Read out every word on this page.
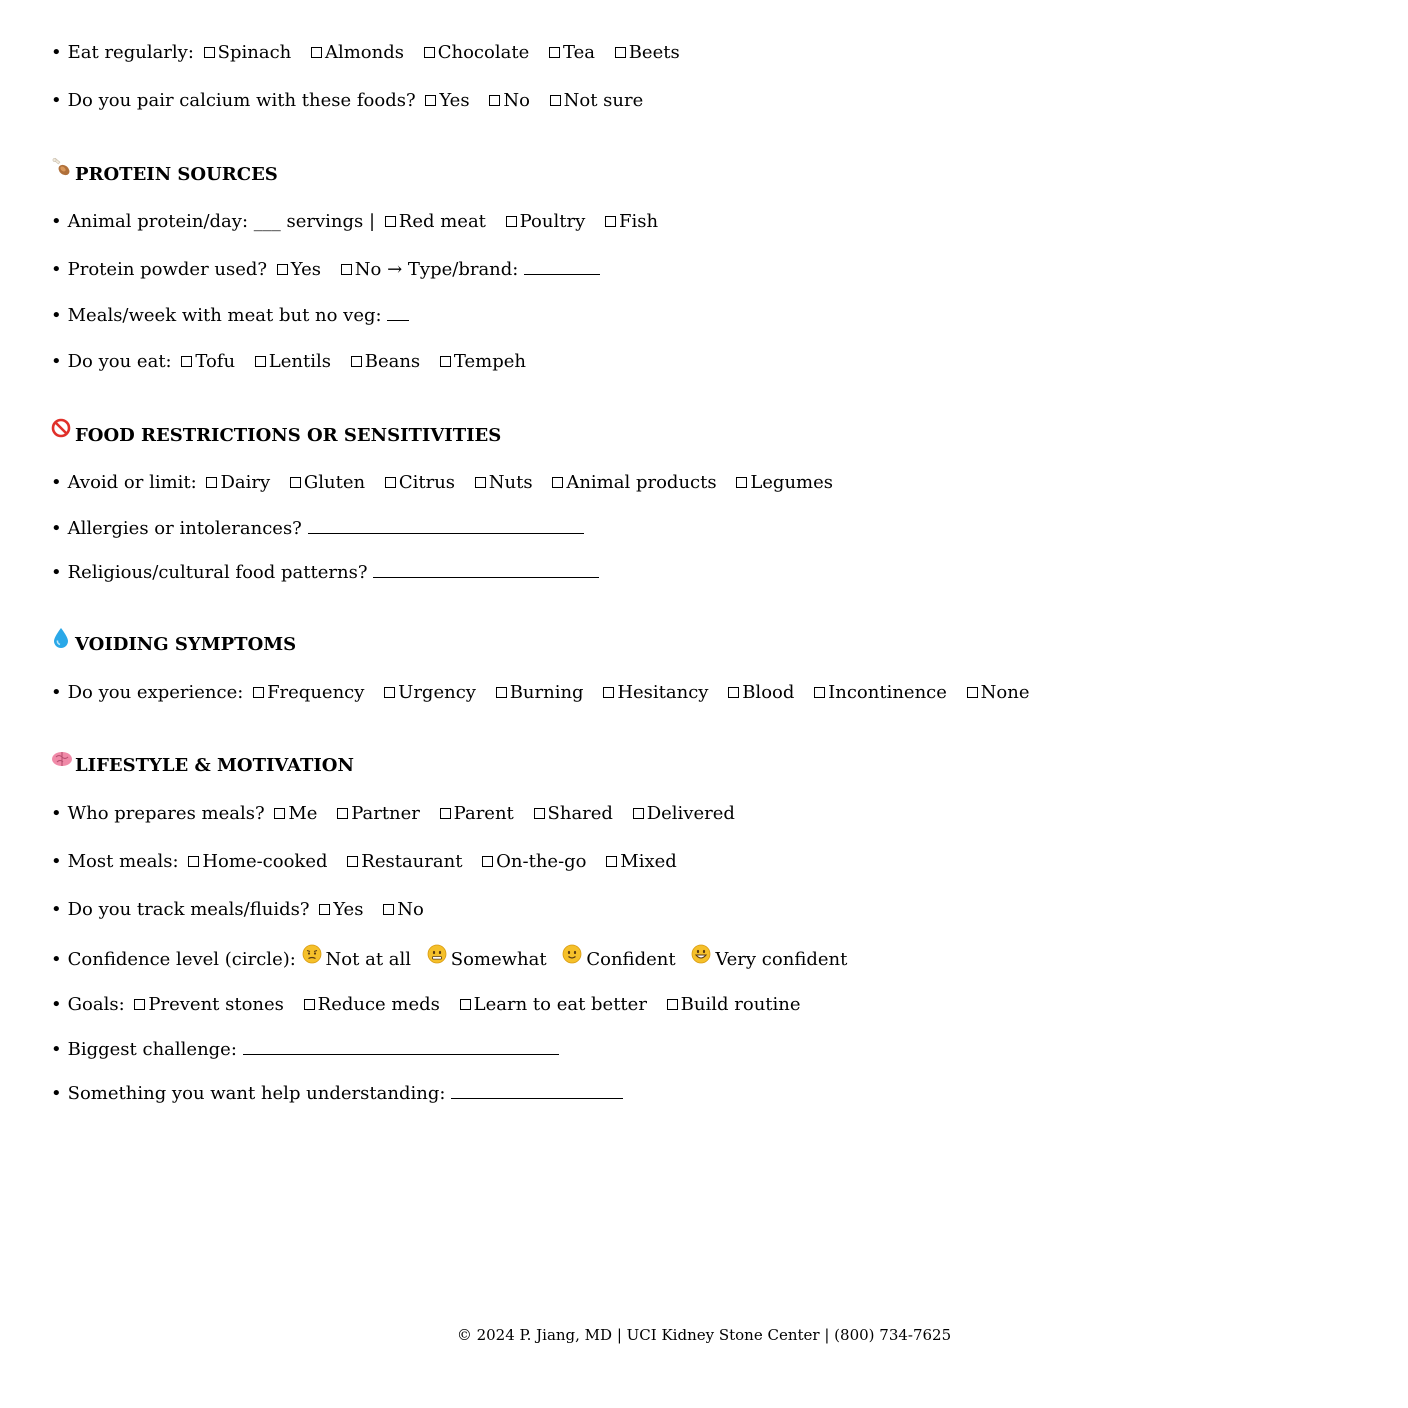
• Eat regularly: Spinach Almonds Chocolate Tea Beets
• Do you pair calcium with these foods? Yes No Not sure
PROTEIN SOURCES
• Animal protein/day: ___ servings | Red meat Poultry Fish
• Protein powder used? Yes No → Type/brand:
• Meals/week with meat but no veg:
• Do you eat: Tofu Lentils Beans Tempeh
FOOD RESTRICTIONS OR SENSITIVITIES
• Avoid or limit: Dairy Gluten Citrus Nuts Animal products Legumes
• Allergies or intolerances?
• Religious/cultural food patterns?
VOIDING SYMPTOMS
• Do you experience: Frequency Urgency Burning Hesitancy Blood Incontinence None
LIFESTYLE & MOTIVATION
• Who prepares meals? Me Partner Parent Shared Delivered
• Most meals: Home-cooked Restaurant On-the-go Mixed
• Do you track meals/fluids? Yes No
• Confidence level (circle): Not at all Somewhat Confident Very confident
• Goals: Prevent stones Reduce meds Learn to eat better Build routine
• Biggest challenge:
• Something you want help understanding:
© 2024 P. Jiang, MD | UCI Kidney Stone Center | (800) 734-7625
